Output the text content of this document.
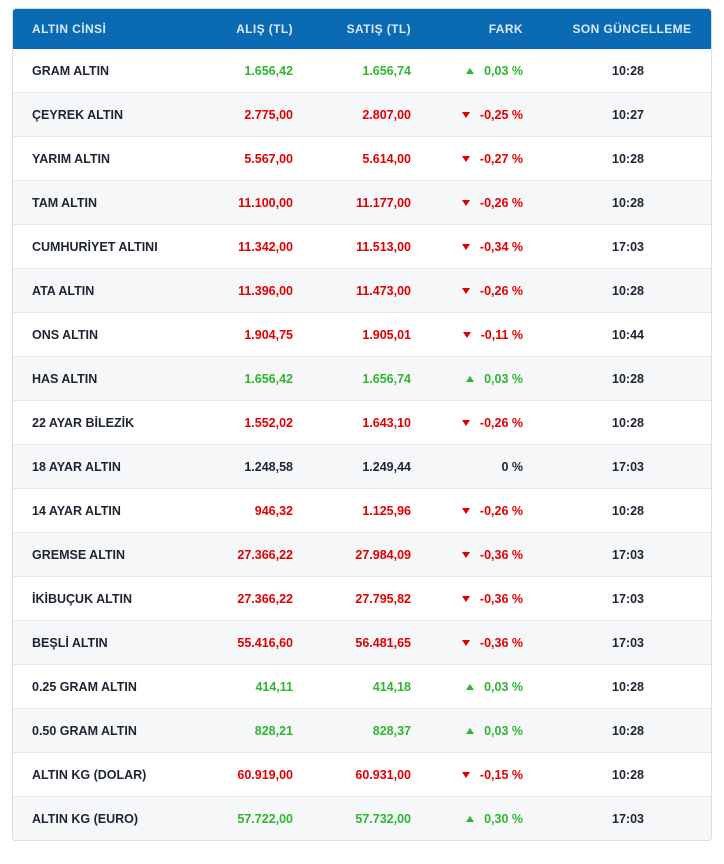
ALTIN CİNSİ	ALIŞ (TL)	SATIŞ (TL)	FARK	SON GÜNCELLEME
GRAM ALTIN	1.656,42	1.656,74	0,03 %	10:28
ÇEYREK ALTIN	2.775,00	2.807,00	-0,25 %	10:27
YARIM ALTIN	5.567,00	5.614,00	-0,27 %	10:28
TAM ALTIN	11.100,00	11.177,00	-0,26 %	10:28
CUMHURİYET ALTINI	11.342,00	11.513,00	-0,34 %	17:03
ATA ALTIN	11.396,00	11.473,00	-0,26 %	10:28
ONS ALTIN	1.904,75	1.905,01	-0,11 %	10:44
HAS ALTIN	1.656,42	1.656,74	0,03 %	10:28
22 AYAR BİLEZİK	1.552,02	1.643,10	-0,26 %	10:28
18 AYAR ALTIN	1.248,58	1.249,44	0 %	17:03
14 AYAR ALTIN	946,32	1.125,96	-0,26 %	10:28
GREMSE ALTIN	27.366,22	27.984,09	-0,36 %	17:03
İKİBUÇUK ALTIN	27.366,22	27.795,82	-0,36 %	17:03
BEŞLİ ALTIN	55.416,60	56.481,65	-0,36 %	17:03
0.25 GRAM ALTIN	414,11	414,18	0,03 %	10:28
0.50 GRAM ALTIN	828,21	828,37	0,03 %	10:28
ALTIN KG (DOLAR)	60.919,00	60.931,00	-0,15 %	10:28
ALTIN KG (EURO)	57.722,00	57.732,00	0,30 %	17:03
